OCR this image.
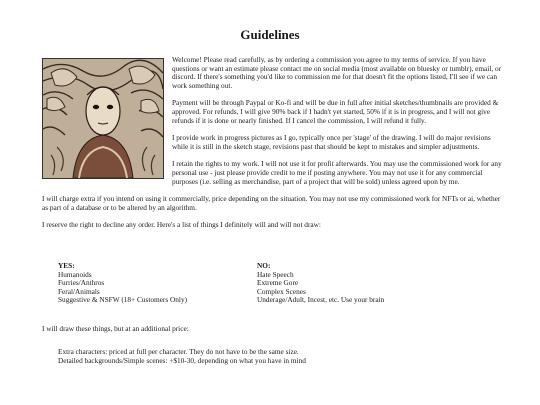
Guidelines

Welcome! Please read carefully, as by ordering a commission you agree to my terms of service. If you have questions or want an estimate please contact me on social media (most available on bluesky or tumblr), email, or discord. If there's something you'd like to commission me for that doesn't fit the options listed, I'll see if we can work something out.

Payment will be through Paypal or Ko-fi and will be due in full after initial sketches/thumbnails are provided & approved. For refunds, I will give 90% back if I hadn't yet started, 50% if it is in progress, and I will not give refunds if it is done or nearly finished. If I cancel the commission, I will refund it fully.

I provide work in progress pictures as I go, typically once per 'stage' of the drawing. I will do major revisions while it is still in the sketch stage, revisions past that should be kept to mistakes and simpler adjustments.

I retain the rights to my work. I will not use it for profit afterwards. You may use the commissioned work for any personal use - just please provide credit to me if posting anywhere. You may not use it for any commercial purposes (i.e. selling as merchandise, part of a project that will be sold) unless agreed upon by me.

I will charge extra if you intend on using it commercially, price depending on the situation. You may not use my commissioned work for NFTs or ai, whether as part of a database or to be altered by an algorithm.

I reserve the right to decline any order. Here's a list of things I definitely will and will not draw:

YES:
Humanoids
Furries/Anthros
Feral/Animals
Suggestive & NSFW (18+ Customers Only)
NO:
Hate Speech
Extreme Gore
Complex Scenes
Underage/Adult, Incest, etc. Use your brain
I will draw these things, but at an additional price:
Extra characters: priced at full per character. They do not have to be the same size.
Detailed backgrounds/Simple scenes: +$10-30, depending on what you have in mind
